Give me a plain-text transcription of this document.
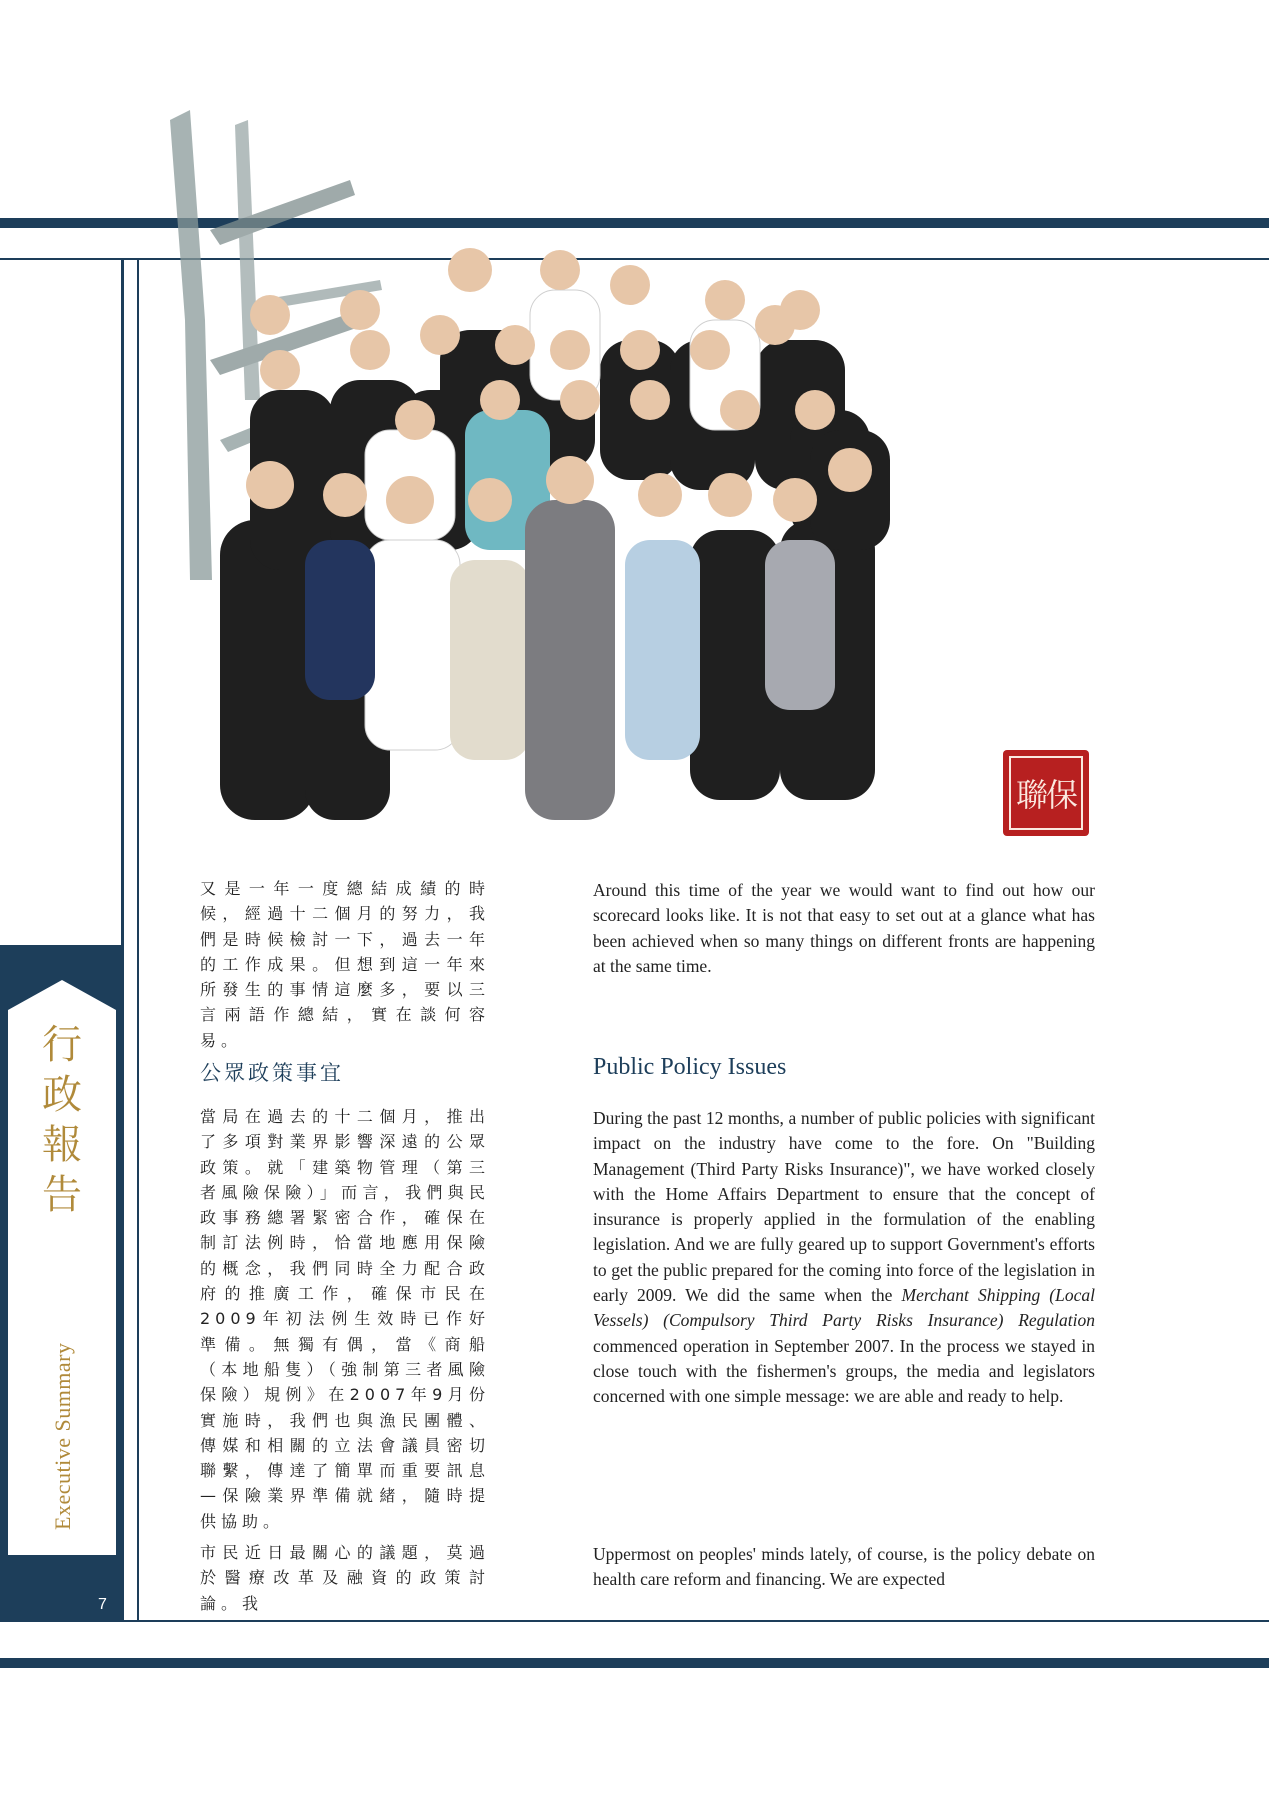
行
政
報
告
Executive Summary
7
聯保
又是一年一度總結成績的時候，經過十二個月的努力，我們是時候檢討一下，過去一年的工作成果。但想到這一年來所發生的事情這麼多，要以三言兩語作總結，實在談何容易。
Around this time of the year we would want to find out how our scorecard looks like. It is not that easy to set out at a glance what has been achieved when so many things on different fronts are happening at the same time.
公眾政策事宜	Public Policy Issues
當局在過去的十二個月，推出了多項對業界影響深遠的公眾政策。就「建築物管理（第三者風險保險）」而言，我們與民政事務總署緊密合作，確保在制訂法例時，恰當地應用保險的概念，我們同時全力配合政府的推廣工作，確保市民在2009年初法例生效時已作好準備。無獨有偶，當《商船（本地船隻）（強制第三者風險保險）規例》在2007年9月份實施時，我們也與漁民團體、傳媒和相關的立法會議員密切聯繫，傳達了簡單而重要訊息—保險業界準備就緒，隨時提供協助。
During the past 12 months, a number of public policies with significant impact on the industry have come to the fore. On "Building Management (Third Party Risks Insurance)", we have worked closely with the Home Affairs Department to ensure that the concept of insurance is properly applied in the formulation of the enabling legislation. And we are fully geared up to support Government's efforts to get the public prepared for the coming into force of the legislation in early 2009. We did the same when the Merchant Shipping (Local Vessels) (Compulsory Third Party Risks Insurance) Regulation commenced operation in September 2007. In the process we stayed in close touch with the fishermen's groups, the media and legislators concerned with one simple message: we are able and ready to help.
市民近日最關心的議題，莫過於醫療改革及融資的政策討論。我
Uppermost on peoples' minds lately, of course, is the policy debate on health care reform and financing. We are expected
